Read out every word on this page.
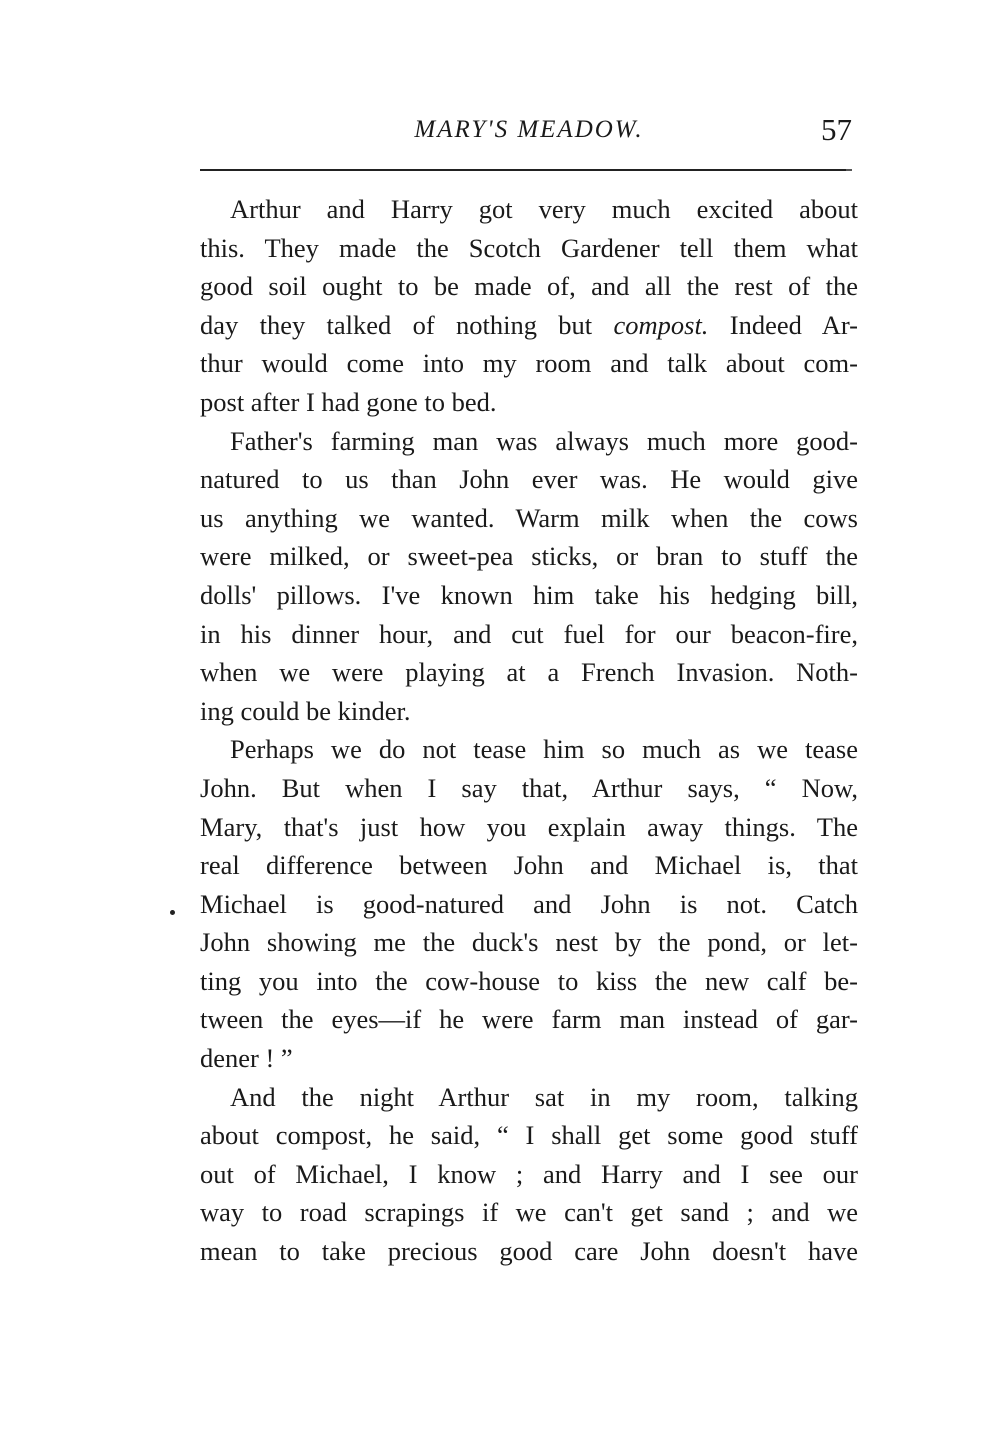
MARY'S MEADOW.	57
Arthur and Harry got very much excited about
this. They made the Scotch Gardener tell them what
good soil ought to be made of, and all the rest of the
day they talked of nothing but compost. Indeed Ar-
thur would come into my room and talk about com-
post after I had gone to bed.
Father's farming man was always much more good-
natured to us than John ever was. He would give
us anything we wanted. Warm milk when the cows
were milked, or sweet-pea sticks, or bran to stuff the
dolls' pillows. I've known him take his hedging bill,
in his dinner hour, and cut fuel for our beacon-fire,
when we were playing at a French Invasion. Noth-
ing could be kinder.
Perhaps we do not tease him so much as we tease
John. But when I say that, Arthur says, “ Now,
Mary, that's just how you explain away things. The
real difference between John and Michael is, that
Michael is good-natured and John is not. Catch
John showing me the duck's nest by the pond, or let-
ting you into the cow-house to kiss the new calf be-
tween the eyes—if he were farm man instead of gar-
dener ! ”
And the night Arthur sat in my room, talking
about compost, he said, “ I shall get some good stuff
out of Michael, I know ; and Harry and I see our
way to road scrapings if we can't get sand ; and we
mean to take precious good care John doesn't have
